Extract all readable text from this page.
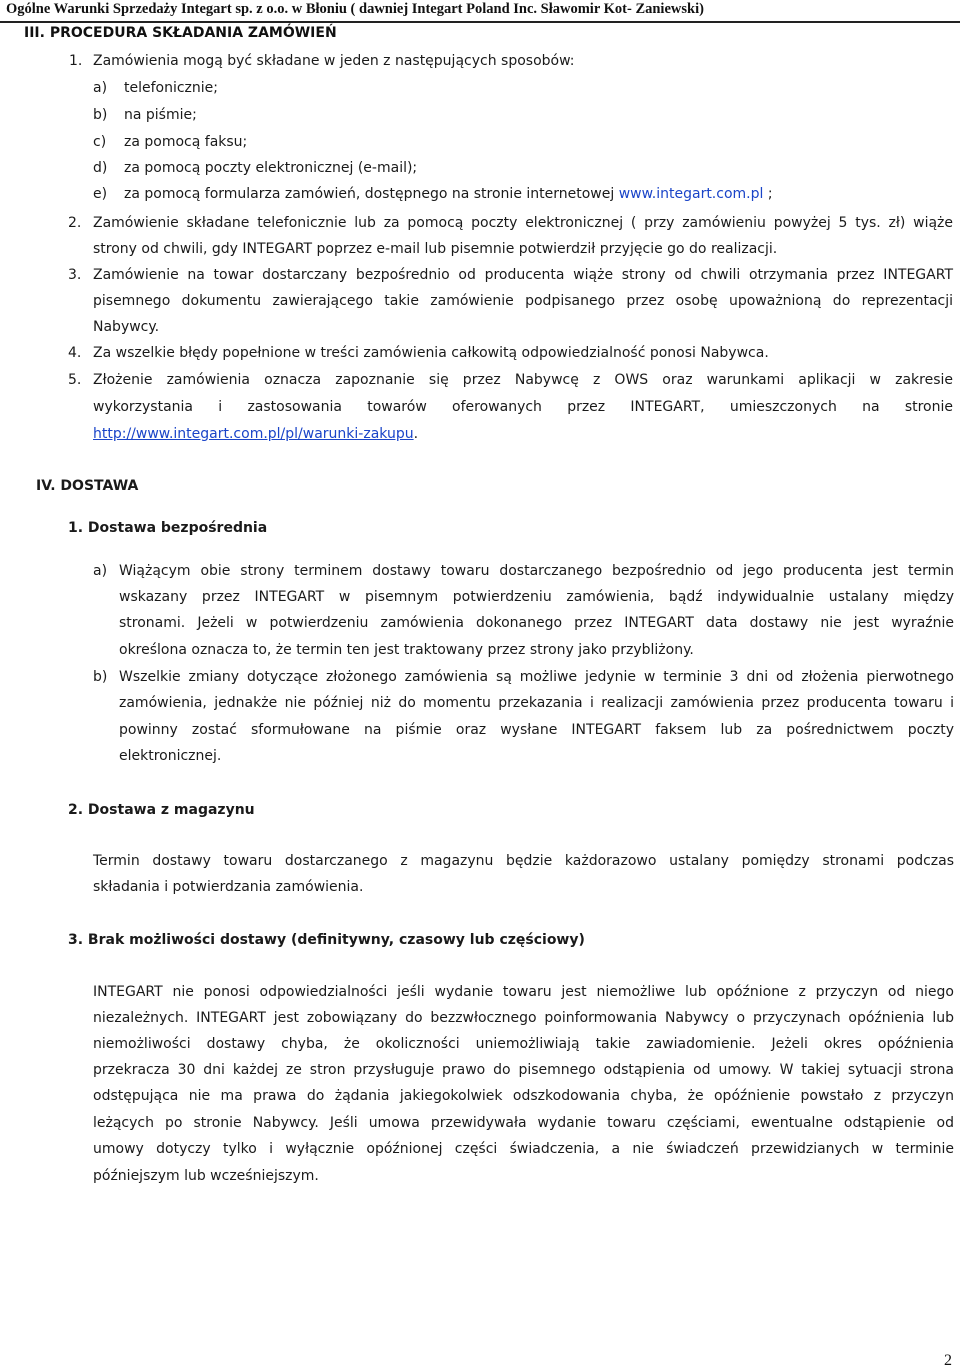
Ogólne Warunki Sprzedaży Integart sp. z o.o. w Błoniu ( dawniej Integart Poland Inc. Sławomir Kot- Zaniewski)
III. PROCEDURA SKŁADANIA ZAMÓWIEŃ
1. Zamówienia mogą być składane w jeden z następujących sposobów:
a) telefonicznie;
b) na piśmie;
c) za pomocą faksu;
d) za pomocą poczty elektronicznej (e-mail);
e) za pomocą formularza zamówień, dostępnego na stronie internetowej www.integart.com.pl ;
2. Zamówienie składane telefonicznie lub za pomocą poczty elektronicznej ( przy zamówieniu powyżej 5 tys. zł) wiąże
strony od chwili, gdy INTEGART poprzez e-mail lub pisemnie potwierdził przyjęcie go do realizacji.
3. Zamówienie na towar dostarczany bezpośrednio od producenta wiąże strony od chwili otrzymania przez INTEGART
pisemnego dokumentu zawierającego takie zamówienie podpisanego przez osobę upoważnioną do reprezentacji
Nabywcy.
4. Za wszelkie błędy popełnione w treści zamówienia całkowitą odpowiedzialność ponosi Nabywca.
5. Złożenie zamówienia oznacza zapoznanie się przez Nabywcę z OWS oraz warunkami aplikacji w zakresie
wykorzystania i zastosowania towarów oferowanych przez INTEGART, umieszczonych na stronie
http://www.integart.com.pl/pl/warunki-zakupu.
IV. DOSTAWA
1. Dostawa bezpośrednia
a) Wiążącym obie strony terminem dostawy towaru dostarczanego bezpośrednio od jego producenta jest termin
wskazany przez INTEGART w pisemnym potwierdzeniu zamówienia, bądź indywidualnie ustalany między
stronami. Jeżeli w potwierdzeniu zamówienia dokonanego przez INTEGART data dostawy nie jest wyraźnie
określona oznacza to, że termin ten jest traktowany przez strony jako przybliżony.
b) Wszelkie zmiany dotyczące złożonego zamówienia są możliwe jedynie w terminie 3 dni od złożenia pierwotnego
zamówienia, jednakże nie później niż do momentu przekazania i realizacji zamówienia przez producenta towaru i
powinny zostać sformułowane na piśmie oraz wysłane INTEGART faksem lub za pośrednictwem poczty
elektronicznej.
2. Dostawa z magazynu
Termin dostawy towaru dostarczanego z magazynu będzie każdorazowo ustalany pomiędzy stronami podczas
składania i potwierdzania zamówienia.
3. Brak możliwości dostawy (definitywny, czasowy lub częściowy)
INTEGART nie ponosi odpowiedzialności jeśli wydanie towaru jest niemożliwe lub opóźnione z przyczyn od niego
niezależnych. INTEGART jest zobowiązany do bezzwłocznego poinformowania Nabywcy o przyczynach opóźnienia lub
niemożliwości dostawy chyba, że okoliczności uniemożliwiają takie zawiadomienie. Jeżeli okres opóźnienia
przekracza 30 dni każdej ze stron przysługuje prawo do pisemnego odstąpienia od umowy. W takiej sytuacji strona
odstępująca nie ma prawa do żądania jakiegokolwiek odszkodowania chyba, że opóźnienie powstało z przyczyn
leżących po stronie Nabywcy. Jeśli umowa przewidywała wydanie towaru częściami, ewentualne odstąpienie od
umowy dotyczy tylko i wyłącznie opóźnionej części świadczenia, a nie świadczeń przewidzianych w terminie
późniejszym lub wcześniejszym.
2
